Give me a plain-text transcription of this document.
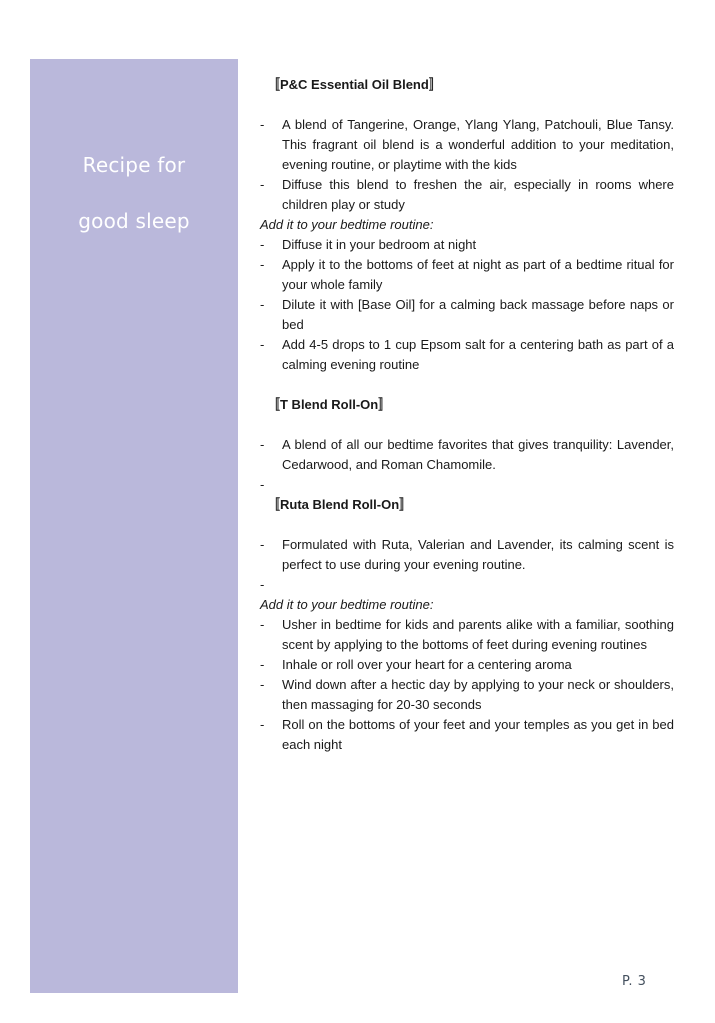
Recipe for
good sleep
〚P&C Essential Oil Blend〛
-	A blend of Tangerine, Orange, Ylang Ylang, Patchouli, Blue Tansy. This fragrant oil blend is a wonderful addition to your meditation, evening routine, or playtime with the kids
-	Diffuse this blend to freshen the air, especially in rooms where children play or study
Add it to your bedtime routine:
-	Diffuse it in your bedroom at night
-	Apply it to the bottoms of feet at night as part of a bedtime ritual for your whole family
-	Dilute it with [Base Oil] for a calming back massage before naps or bed
-	Add 4-5 drops to 1 cup Epsom salt for a centering bath as part of a calming evening routine
〚T Blend Roll-On〛
-	A blend of all our bedtime favorites that gives tranquility: Lavender, Cedarwood, and Roman Chamomile.
-
〚Ruta Blend Roll-On〛
-	Formulated with Ruta, Valerian and Lavender, its calming scent is perfect to use during your evening routine.
-
Add it to your bedtime routine:
-	Usher in bedtime for kids and parents alike with a familiar, soothing scent by applying to the bottoms of feet during evening routines
-	Inhale or roll over your heart for a centering aroma
-	Wind down after a hectic day by applying to your neck or shoulders, then massaging for 20-30 seconds
-	Roll on the bottoms of your feet and your temples as you get in bed each night
P. 3
